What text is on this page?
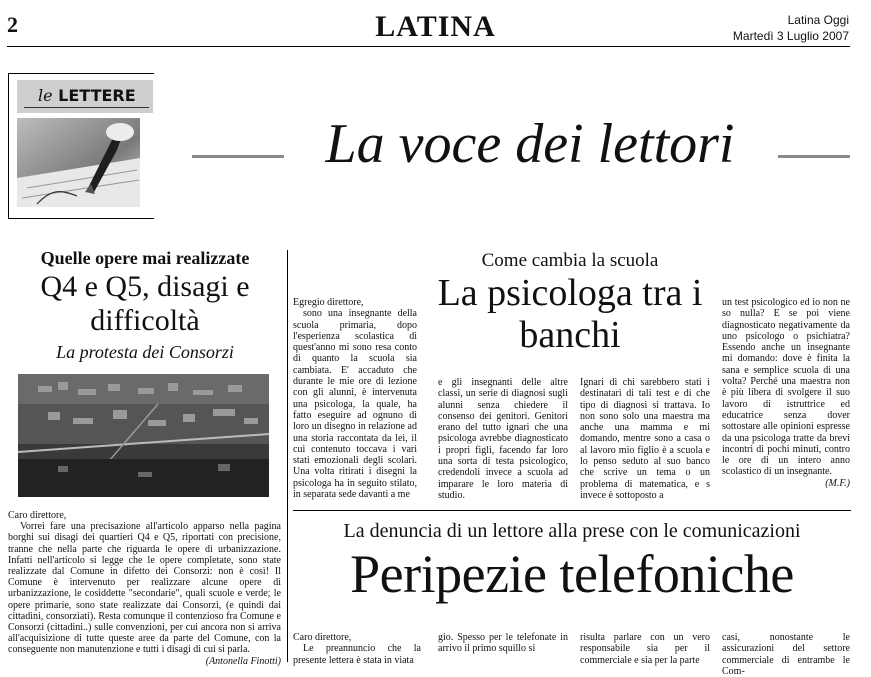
2	LATINA	Latina Oggi
Martedì 3 Luglio 2007
le LETTERE
La voce dei lettori
Quelle opere mai realizzate
Q4 e Q5, disagi e difficoltà
La protesta dei Consorzi

Caro direttore,

Vorrei fare una precisazione all'articolo apparso nella pagina borghi sui disagi dei quartieri Q4 e Q5, riportati con precisione, tranne che nella parte che riguarda le opere di urbanizzazione. Infatti nell'articolo si legge che le opere completate, sono state realizzate dal Comune in difetto dei Consorzi: non è così! Il Comune è intervenuto per realizzare alcune opere di urbanizzazione, le cosiddette "secondarie", quali scuole e verde; le opere primarie, sono state realizzate dai Consorzi, (e quindi dai cittadini, consorziati). Resta comunque il contenzioso fra Comune e Consorzi (cittadini..) sulle convenzioni, per cui ancora non si arriva all'acquisizione di tutte queste aree da parte del Comune, con la conseguente non manutenzione e tutti i disagi di cui si parla.

(Antonella Finotti)
Come cambia la scuola
La psicologa tra i banchi
Egregio direttore,

sono una insegnante della scuola primaria, dopo l'esperienza scolastica di quest'anno mi sono resa conto di quanto la scuola sia cambiata. E' accaduto che durante le mie ore di lezione con gli alunni, è intervenuta una psicologa, la quale, ha fatto eseguire ad ognuno di loro un disegno in relazione ad una storia raccontata da lei, il cui contenuto toccava i vari stati emozionali degli scolari. Una volta ritirati i disegni la psicologa ha in seguito stilato, in separata sede davanti a me

e gli insegnanti delle altre classi, un serie di diagnosi sugli alunni senza chiedere il consenso dei genitori. Genitori erano del tutto ignari che una psicologa avrebbe diagnosticato i propri figli, facendo far loro una sorta di testa psicologico, credendoli invece a scuola ad imparare le loro materia di studio.
Ignari di chi sarebbero stati i destinatari di tali test e di che tipo di diagnosi si trattava. Io non sono solo una maestra ma anche una mamma e mi domando, mentre sono a casa o al lavoro mio figlio è a scuola e lo penso seduto al suo banco che scrive un tema o un problema di matematica, e s invece è sottoposto a
un test psicologico ed io non ne so nulla? E se poi viene diagnosticato negativamente da uno psicologo o psichiatra? Essendo anche un insegnante mi domando: dove è finita la sana e semplice scuola di una volta? Perché una maestra non è più libera di svolgere il suo lavoro di istruttrice ed educatrice senza dover sottostare alle opinioni espresse da una psicologa tratte da brevi incontri di pochi minuti, contro le ore di un intero anno scolastico di un insegnante.
(M.F.)
La denuncia di un lettore alla prese con le comunicazioni
Peripezie telefoniche
Caro direttore,

Le preannuncio che la presente lettera è stata in viata

gio. Spesso per le telefonate in arrivo il primo squillo si
risulta parlare con un vero responsabile sia per il commerciale e sia per la parte
casi, nonostante le assicurazioni del settore commerciale di entrambe le Com-
